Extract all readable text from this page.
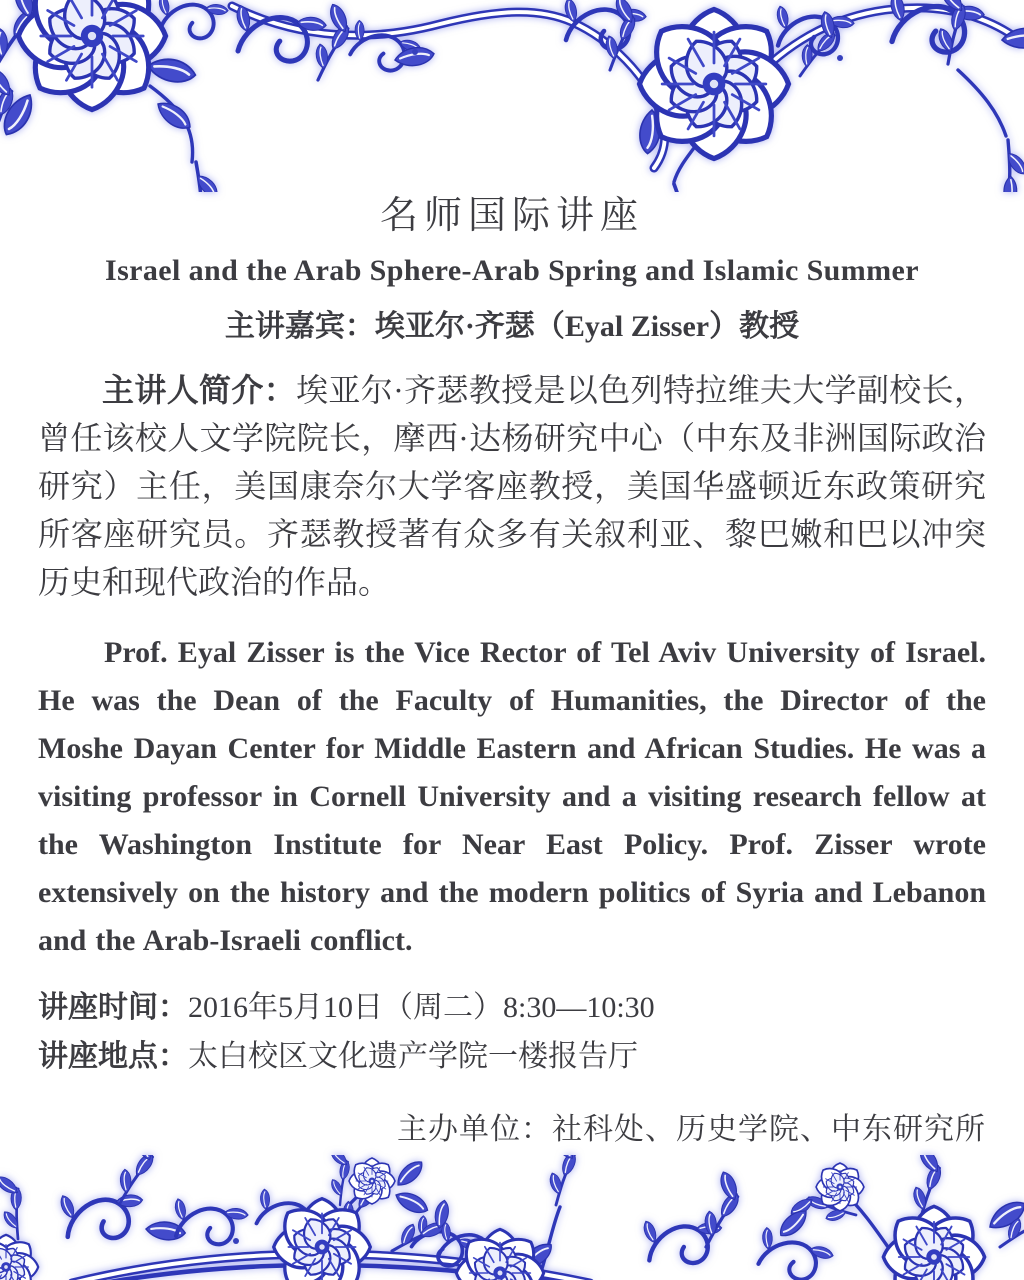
名师国际讲座
Israel and the Arab Sphere-Arab Spring and Islamic Summer
主讲嘉宾：埃亚尔·齐瑟（Eyal Zisser）教授

主讲人简介：埃亚尔·齐瑟教授是以色列特拉维夫大学副校长，曾任该校人文学院院长，摩西·达杨研究中心（中东及非洲国际政治研究）主任，美国康奈尔大学客座教授，美国华盛顿近东政策研究所客座研究员。齐瑟教授著有众多有关叙利亚、黎巴嫩和巴以冲突历史和现代政治的作品。

Prof. Eyal Zisser is the Vice Rector of Tel Aviv University of Israel. He was the Dean of the Faculty of Humanities, the Director of the Moshe Dayan Center for Middle Eastern and African Studies. He was a visiting professor in Cornell University and a visiting research fellow at the Washington Institute for Near East Policy. Prof. Zisser wrote extensively on the history and the modern politics of Syria and Lebanon and the Arab-Israeli conflict.

讲座时间：2016年5月10日（周二）8:30—10:30

讲座地点：太白校区文化遗产学院一楼报告厅

主办单位：社科处、历史学院、中东研究所
